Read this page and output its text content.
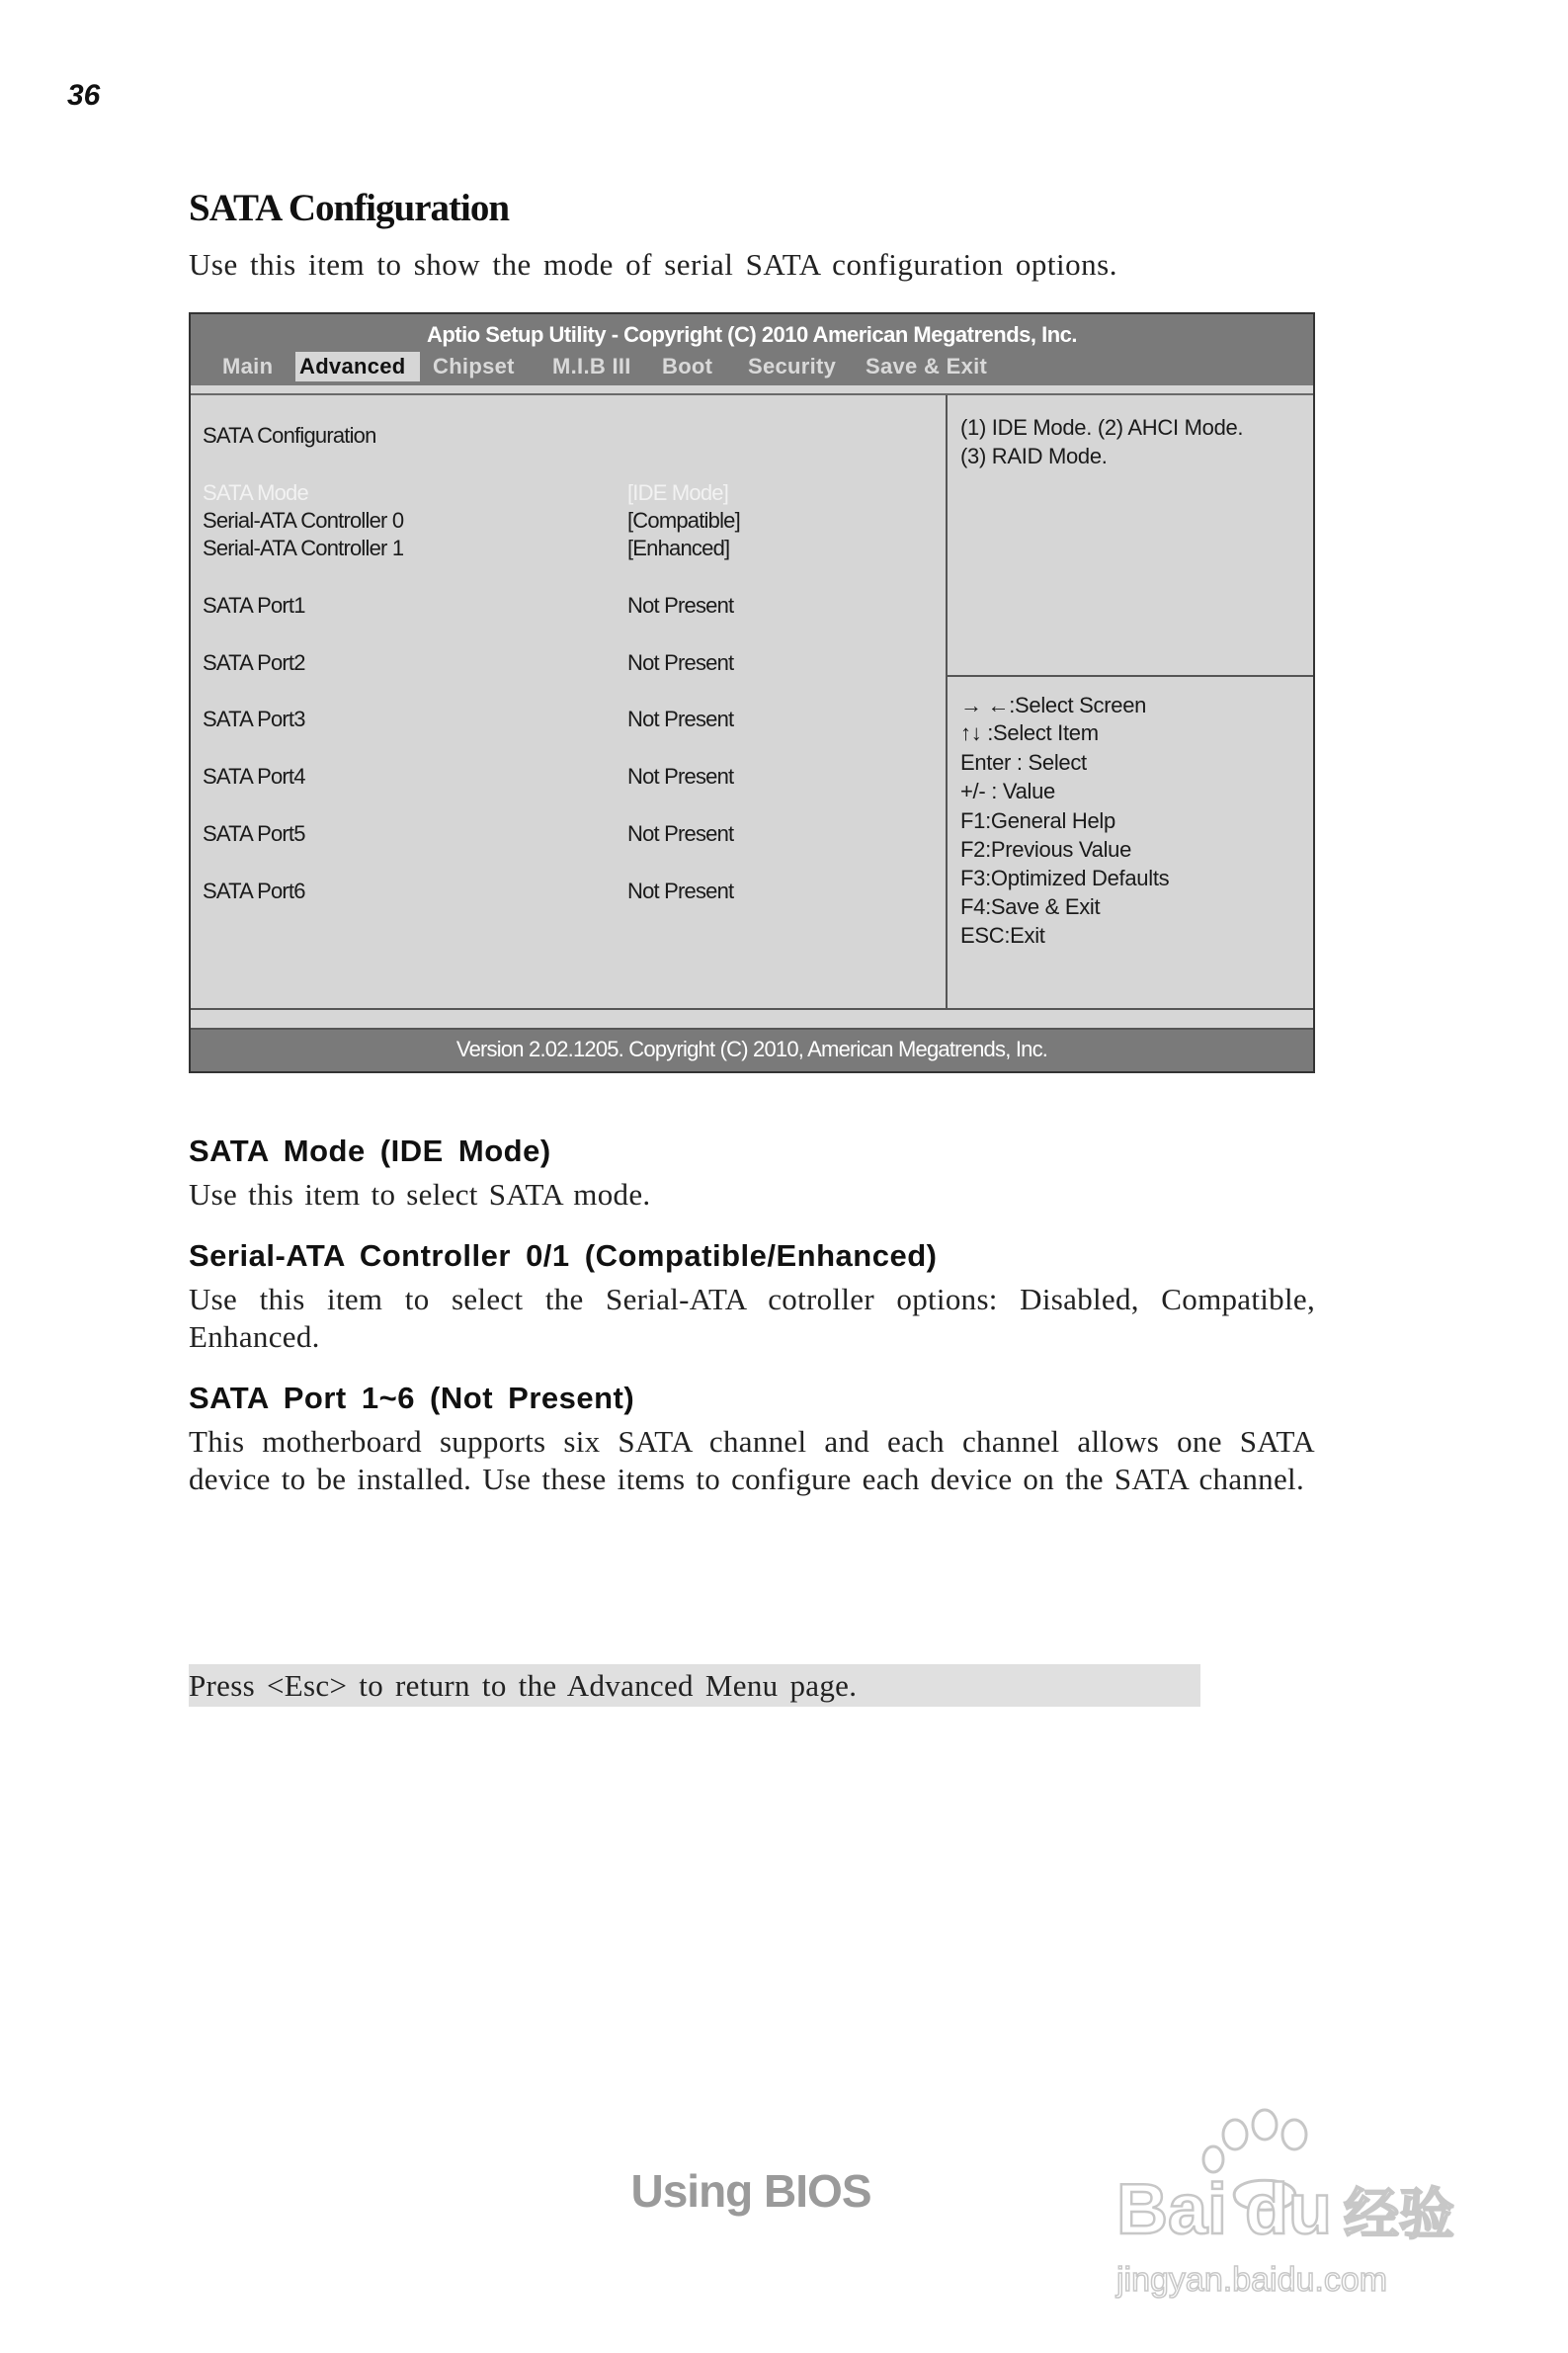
36
SATA Configuration
Use this item to show the mode of serial SATA configuration options.
Aptio Setup Utility - Copyright (C) 2010 American Megatrends, Inc.
Main Advanced	Chipset M.I.B III Boot Security Save & Exit
SATA Configuration
SATA Mode	[IDE Mode]
Serial-ATA Controller 0	[Compatible]
Serial-ATA Controller 1	[Enhanced]
SATA Port1	Not Present
SATA Port2	Not Present
SATA Port3	Not Present
SATA Port4	Not Present
SATA Port5	Not Present
SATA Port6	Not Present
(1) IDE Mode. (2) AHCI Mode.
(3) RAID Mode.
→ ←:Select Screen
↑↓ :Select Item
Enter : Select
+/- : Value
F1:General Help
F2:Previous Value
F3:Optimized Defaults
F4:Save & Exit
ESC:Exit
Version 2.02.1205. Copyright (C) 2010, American Megatrends, Inc.
SATA Mode (IDE Mode)
Use this item to select SATA mode.
Serial-ATA Controller 0/1 (Compatible/Enhanced)
Use this item to select the Serial-ATA cotroller options: Disabled, Compatible, Enhanced.
SATA Port 1~6 (Not Present)
This motherboard supports six SATA channel and each channel allows one SATA device to be installed. Use these items to configure each device on the SATA channel.
Press <Esc> to return to the Advanced Menu page.
Using BIOS	Bai du 经验
jingyan.baidu.com
